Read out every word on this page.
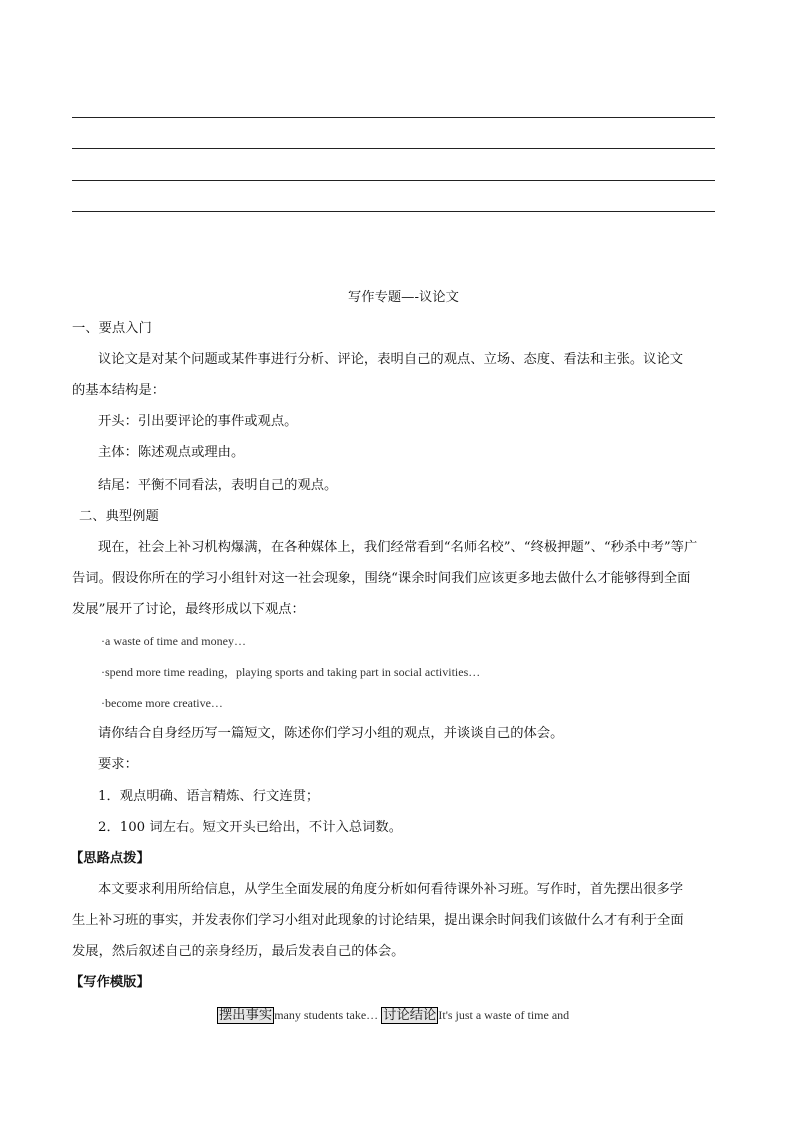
写作专题—-议论文
一、要点入门
议论文是对某个问题或某件事进行分析、评论，表明自己的观点、立场、态度、看法和主张。议论文
的基本结构是：
开头：引出要评论的事件或观点。
主体：陈述观点或理由。
结尾：平衡不同看法，表明自己的观点。
二、典型例题
现在，社会上补习机构爆满，在各种媒体上，我们经常看到“名师名校”、“终极押题”、“秒杀中考”等广
告词。假设你所在的学习小组针对这一社会现象，围绕“课余时间我们应该更多地去做什么才能够得到全面
发展”展开了讨论，最终形成以下观点：
·a waste of time and money…
·spend more time reading，playing sports and taking part in social activities…
·become more creative…
请你结合自身经历写一篇短文，陈述你们学习小组的观点，并谈谈自己的体会。
要求：
1．观点明确、语言精炼、行文连贯；
2．100 词左右。短文开头已给出，不计入总词数。
【思路点拨】
本文要求利用所给信息，从学生全面发展的角度分析如何看待课外补习班。写作时，首先摆出很多学
生上补习班的事实，并发表你们学习小组对此现象的讨论结果，提出课余时间我们该做什么才有利于全面
发展，然后叙述自己的亲身经历，最后发表自己的体会。
【写作模版】
摆出事实 many students take… 讨论结论 It's just a waste of time and
